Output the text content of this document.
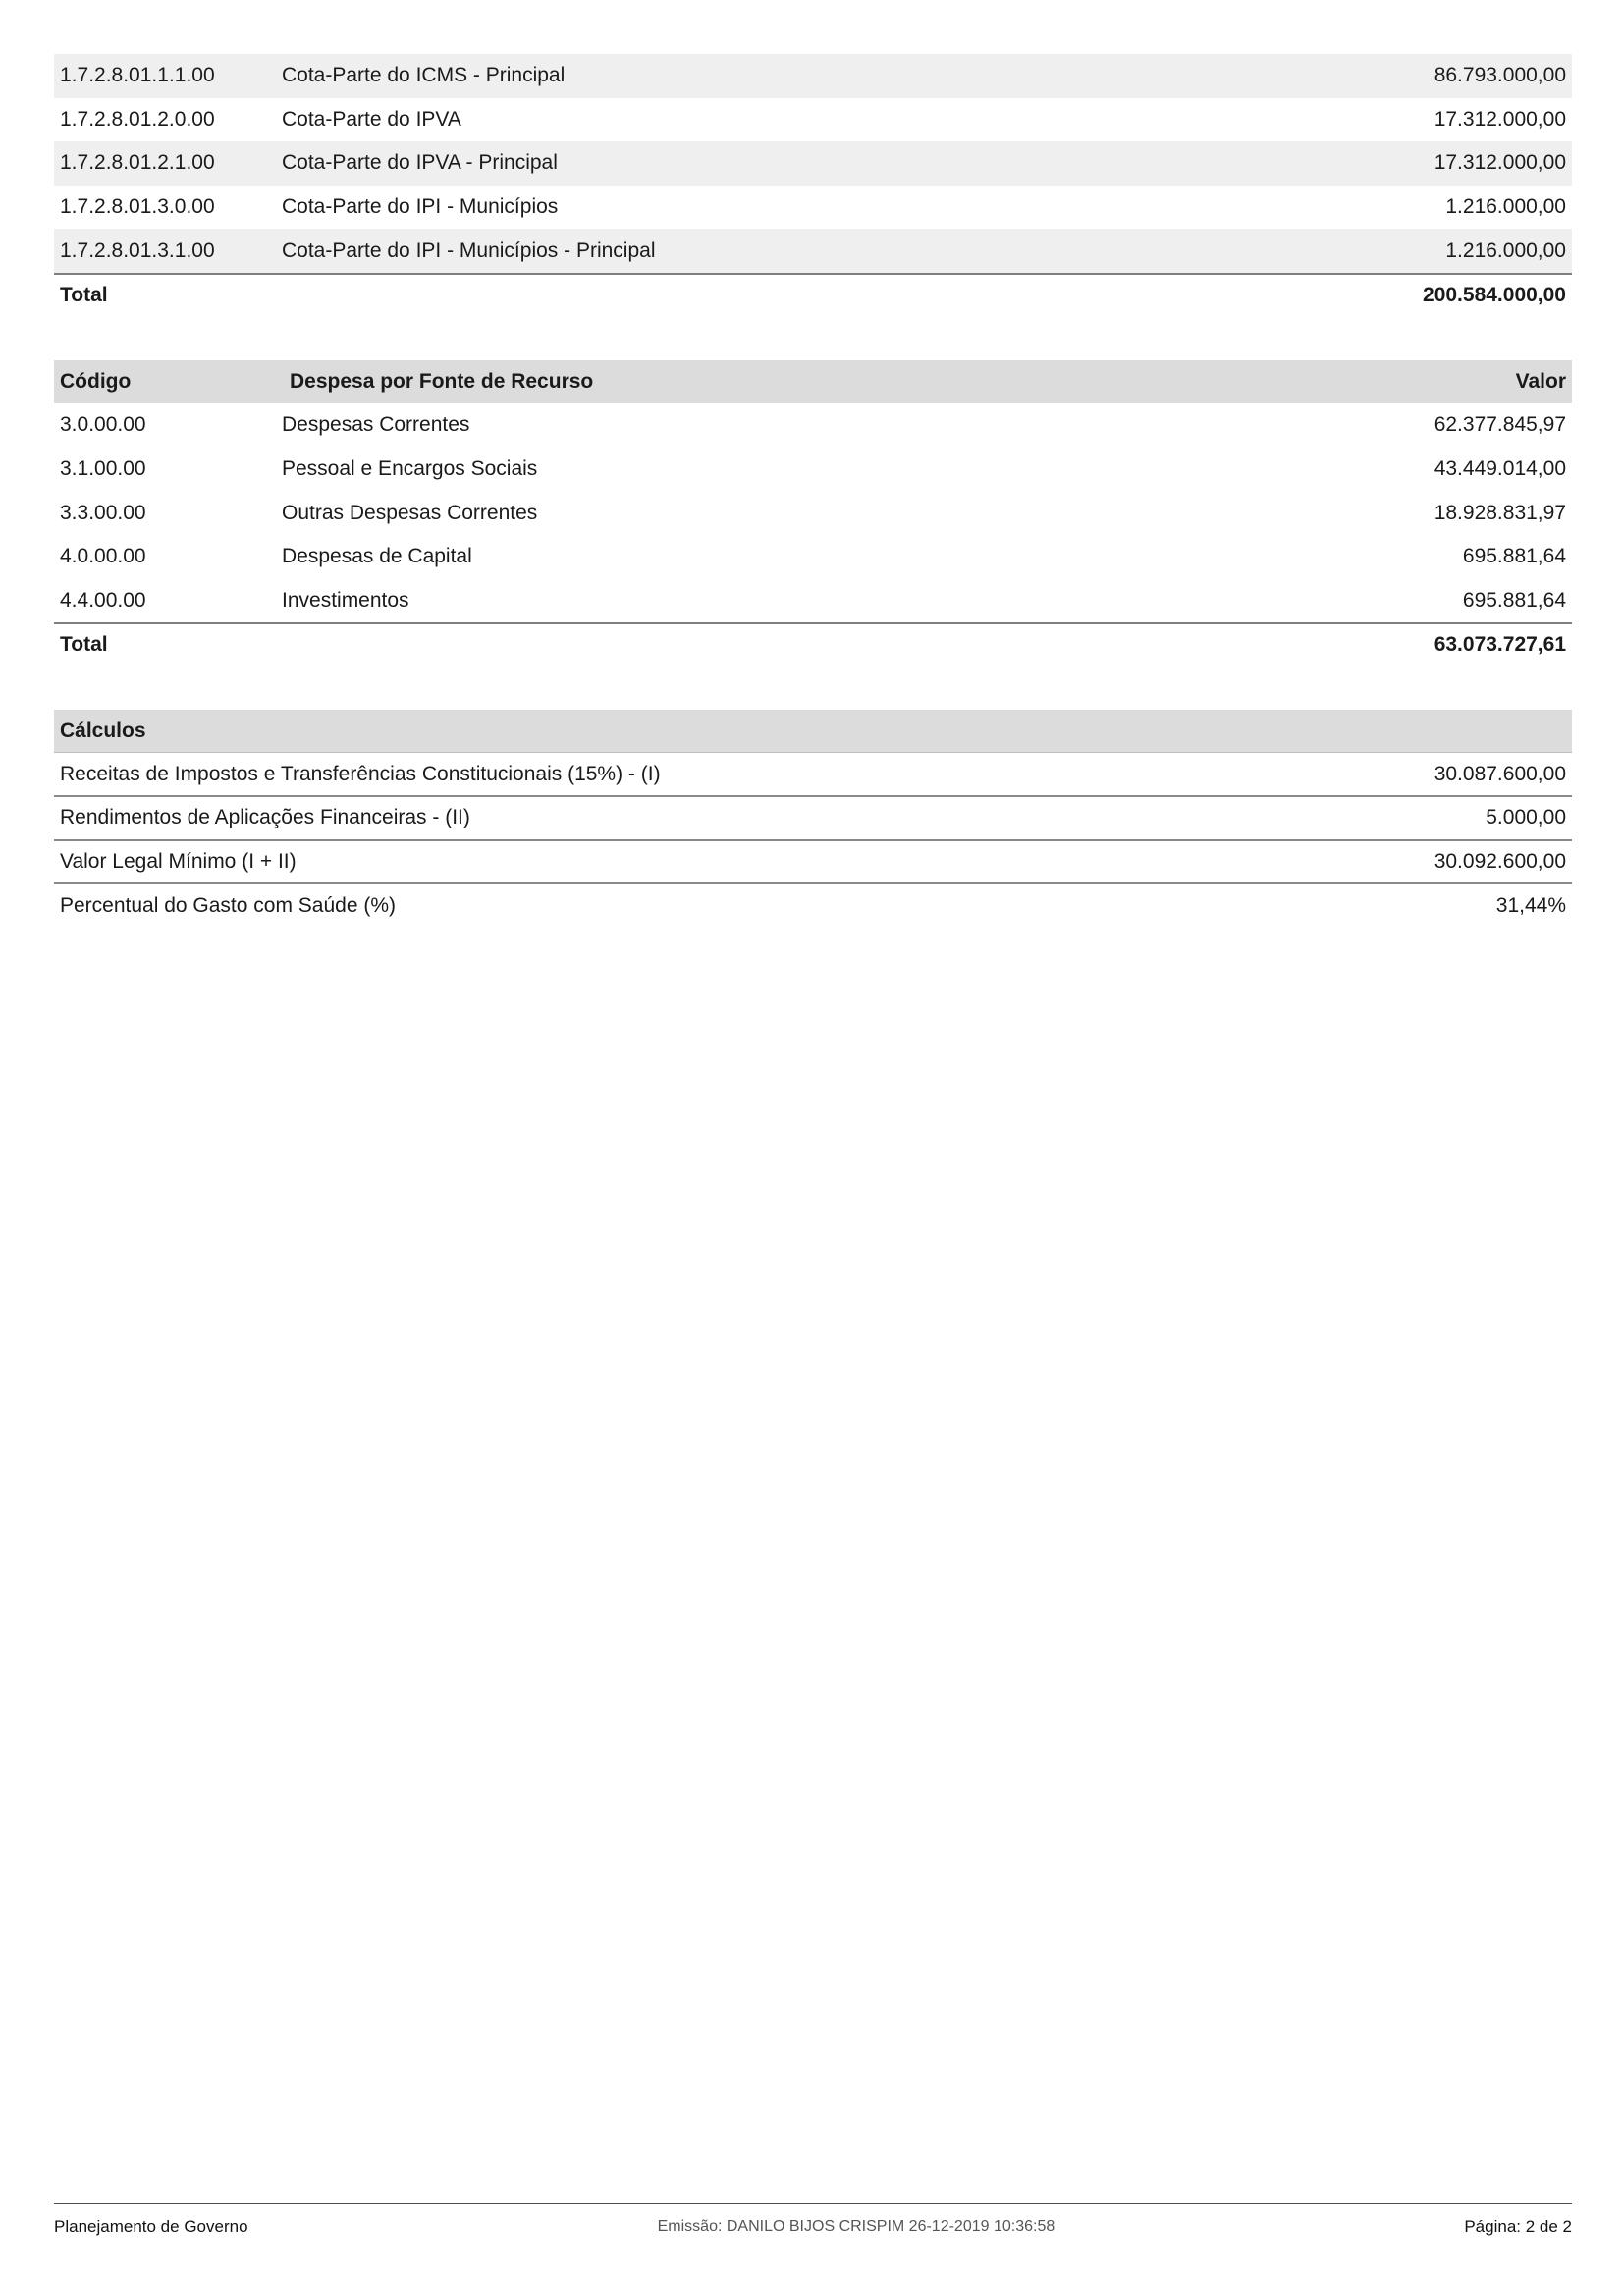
1.7.2.8.01.1.1.00	Cota-Parte do ICMS - Principal	86.793.000,00
1.7.2.8.01.2.0.00	Cota-Parte do IPVA	17.312.000,00
1.7.2.8.01.2.1.00	Cota-Parte do IPVA - Principal	17.312.000,00
1.7.2.8.01.3.0.00	Cota-Parte do IPI - Municípios	1.216.000,00
1.7.2.8.01.3.1.00	Cota-Parte do IPI - Municípios - Principal	1.216.000,00
Total	200.584.000,00
Código	Despesa por Fonte de Recurso	Valor
3.0.00.00	Despesas Correntes	62.377.845,97
3.1.00.00	Pessoal e Encargos Sociais	43.449.014,00
3.3.00.00	Outras Despesas Correntes	18.928.831,97
4.0.00.00	Despesas de Capital	695.881,64
4.4.00.00	Investimentos	695.881,64
Total	63.073.727,61
Cálculos
Receitas de Impostos e Transferências Constitucionais (15%) - (I)	30.087.600,00
Rendimentos de Aplicações Financeiras - (II)	5.000,00
Valor Legal Mínimo (I + II)	30.092.600,00
Percentual do Gasto com Saúde (%)	31,44%
Planejamento de Governo	Emissão: DANILO BIJOS CRISPIM 26-12-2019 10:36:58	Página: 2 de 2
